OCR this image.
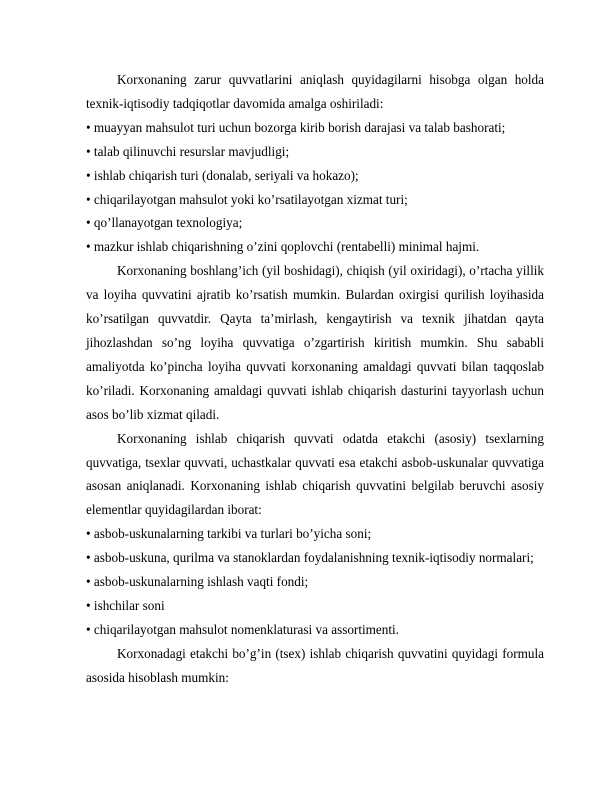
Korxonaning zarur quvvatlarini aniqlash quyidagilarni hisobga olgan holda texnik-iqtisodiy tadqiqotlar davomida amalga oshiriladi:

• muayyan mahsulot turi uchun bozorga kirib borish darajasi va talab bashorati;

• talab qilinuvchi resurslar mavjudligi;

• ishlab chiqarish turi (donalab, seriyali va hokazo);

• chiqarilayotgan mahsulot yoki ko’rsatilayotgan xizmat turi;

• qo’llanayotgan texnologiya;

• mazkur ishlab chiqarishning o’zini qoplovchi (rentabelli) minimal hajmi.

Korxonaning boshlang’ich (yil boshidagi), chiqish (yil oxiridagi), o’rtacha yillik va loyiha quvvatini ajratib ko’rsatish mumkin. Bulardan oxirgisi qurilish loyihasida ko’rsatilgan quvvatdir. Qayta ta’mirlash, kengaytirish va texnik jihatdan qayta jihozlashdan so’ng loyiha quvvatiga o’zgartirish kiritish mumkin. Shu sababli amaliyotda ko’pincha loyiha quvvati korxonaning amaldagi quvvati bilan taqqoslab ko’riladi. Korxonaning amaldagi quvvati ishlab chiqarish dasturini tayyorlash uchun asos bo’lib xizmat qiladi.

Korxonaning ishlab chiqarish quvvati odatda etakchi (asosiy) tsexlarning quvvatiga, tsexlar quvvati, uchastkalar quvvati esa etakchi asbob-uskunalar quvvatiga asosan aniqlanadi. Korxonaning ishlab chiqarish quvvatini belgilab beruvchi asosiy elementlar quyidagilardan iborat:

• asbob-uskunalarning tarkibi va turlari bo’yicha soni;

• asbob-uskuna, qurilma va stanoklardan foydalanishning texnik-iqtisodiy normalari;

• asbob-uskunalarning ishlash vaqti fondi;

• ishchilar soni

• chiqarilayotgan mahsulot nomenklaturasi va assortimenti.

Korxonadagi etakchi bo’g’in (tsex) ishlab chiqarish quvvatini quyidagi formula asosida hisoblash mumkin:
